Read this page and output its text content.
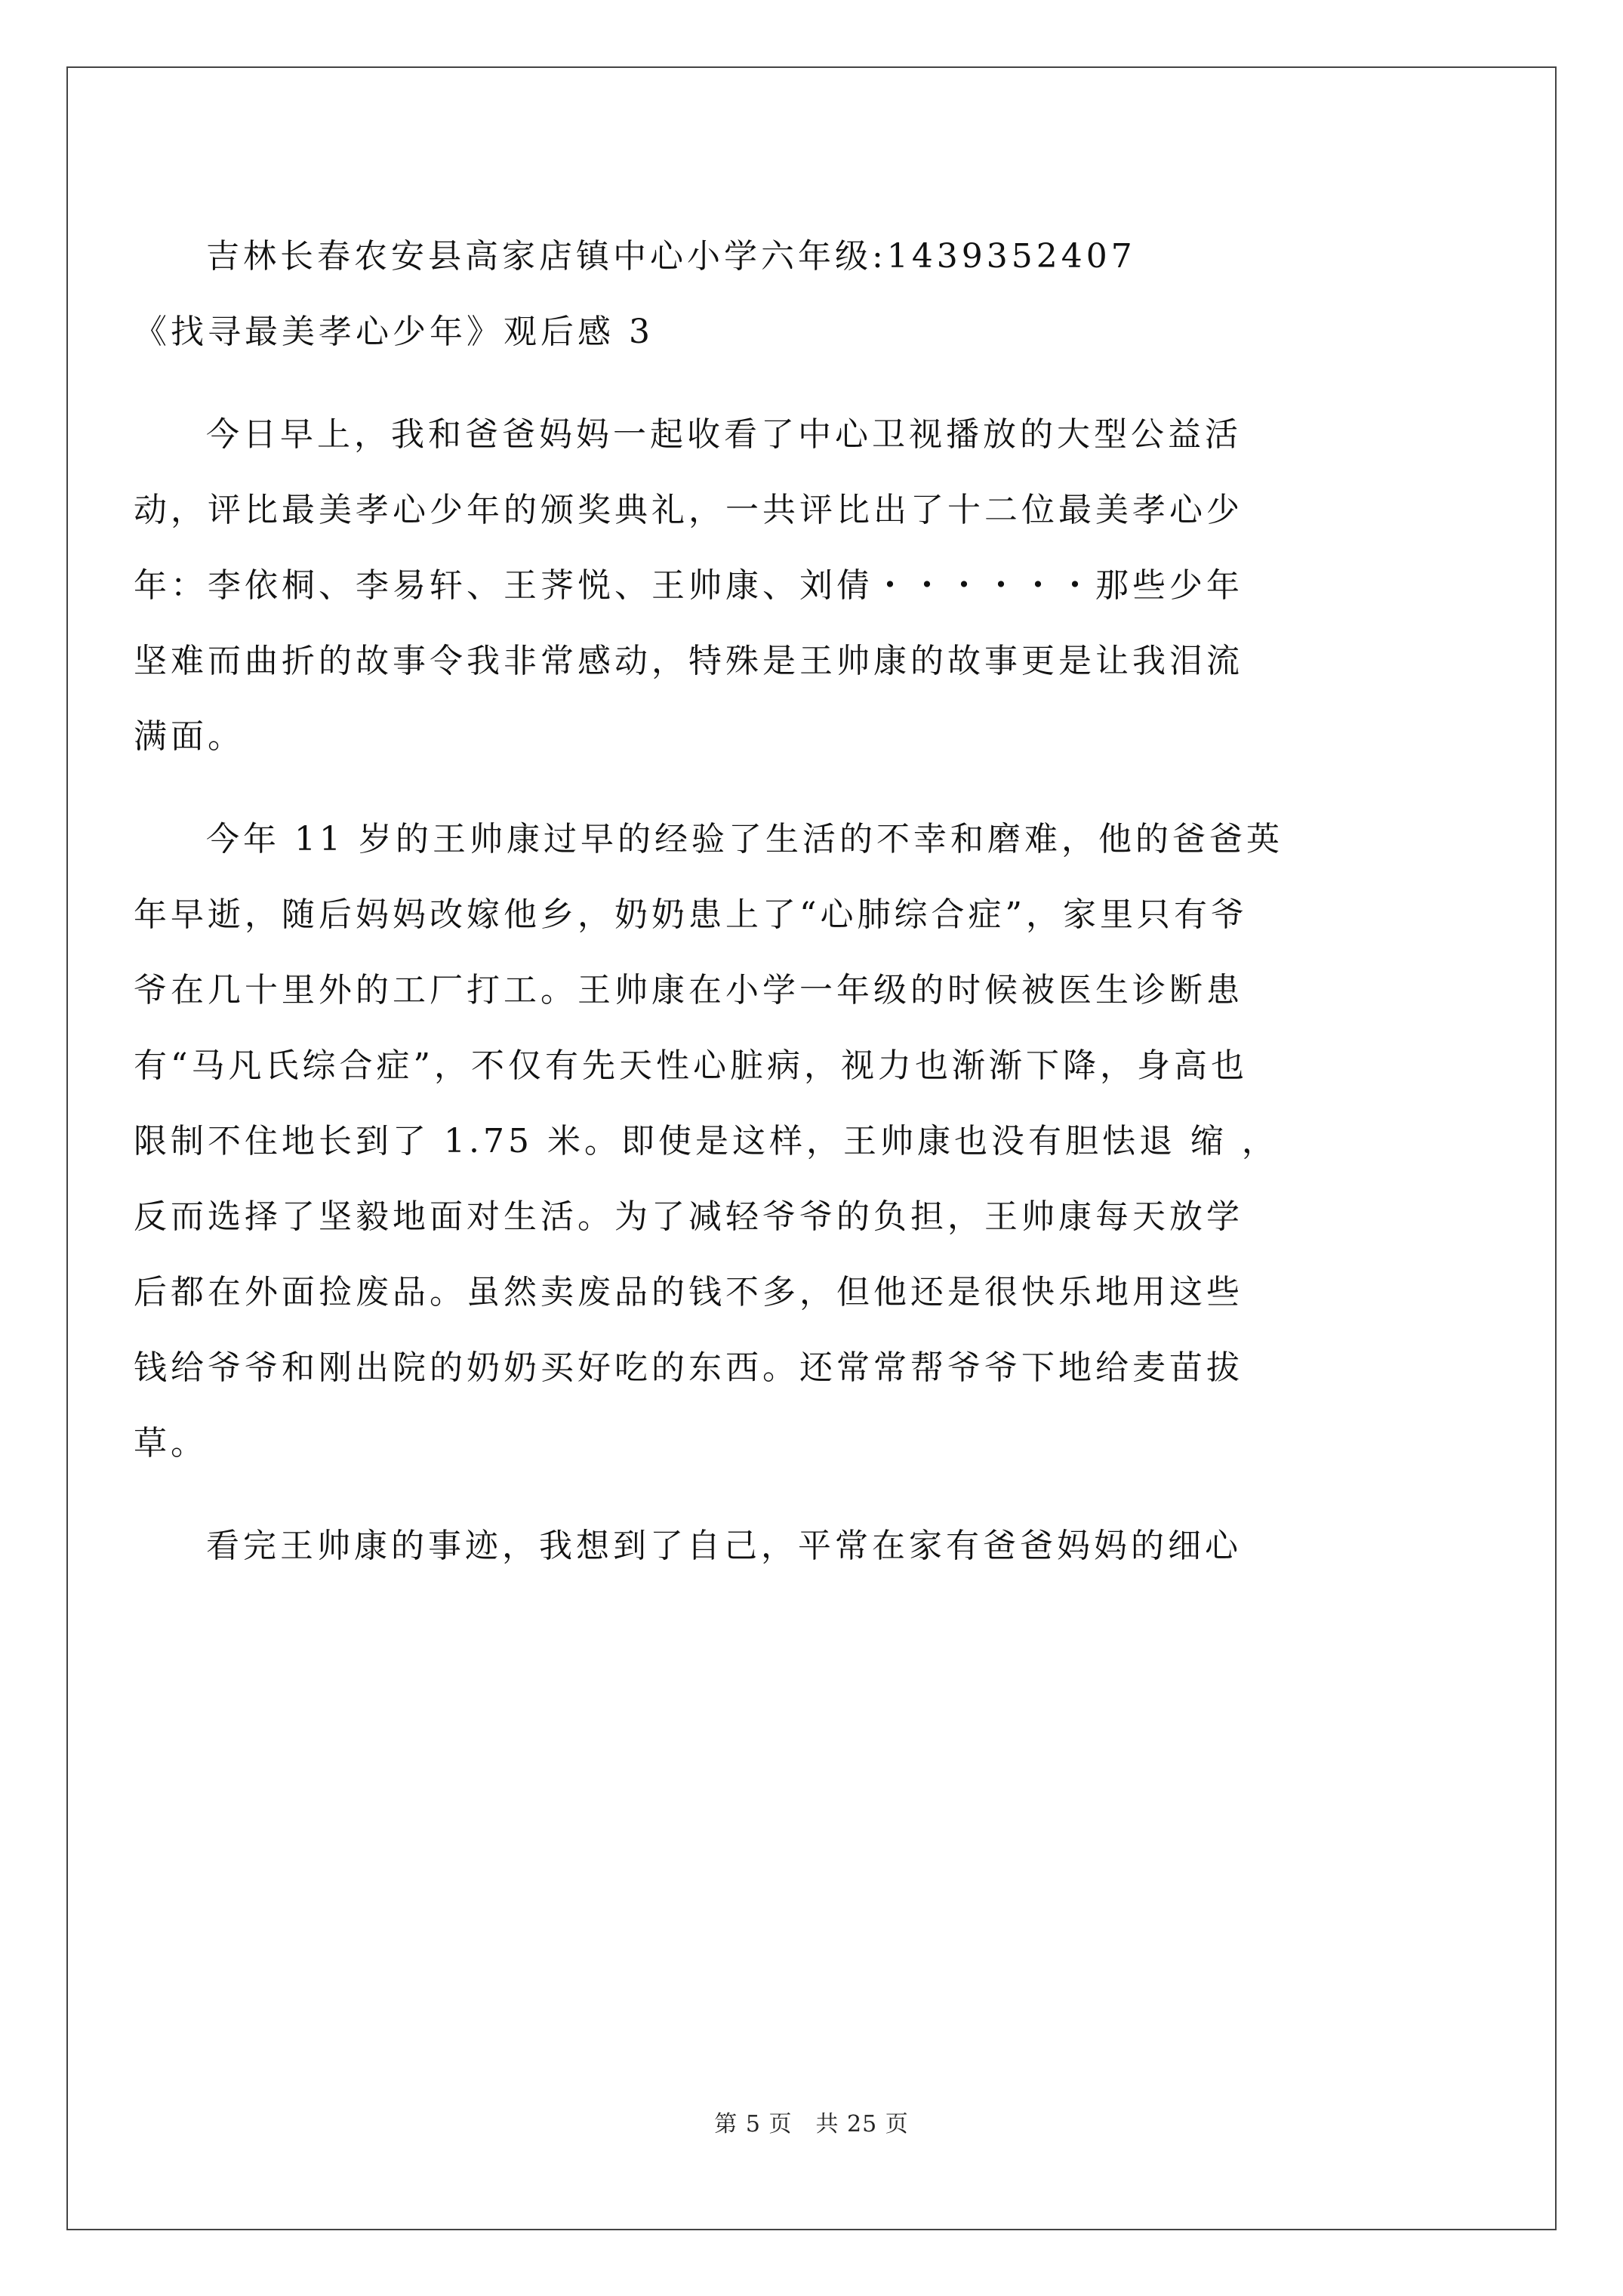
吉林长春农安县高家店镇中心小学六年级:1439352407
《找寻最美孝心少年》观后感 3
今日早上，我和爸爸妈妈一起收看了中心卫视播放的大型公益活
动，评比最美孝心少年的颁奖典礼，一共评比出了十二位最美孝心少
年：李依桐、李易轩、王荠悦、王帅康、刘倩・・・・・・那些少年
坚难而曲折的故事令我非常感动，特殊是王帅康的故事更是让我泪流
满面。
今年 11 岁的王帅康过早的经验了生活的不幸和磨难，他的爸爸英
年早逝，随后妈妈改嫁他乡，奶奶患上了“心肺综合症”，家里只有爷
爷在几十里外的工厂打工。王帅康在小学一年级的时候被医生诊断患
有“马凡氏综合症”，不仅有先天性心脏病，视力也渐渐下降，身高也
限制不住地长到了 1.75 米。即使是这样，王帅康也没有胆怯退 缩 ，
反而选择了坚毅地面对生活。为了减轻爷爷的负担，王帅康每天放学
后都在外面捡废品。虽然卖废品的钱不多，但他还是很快乐地用这些
钱给爷爷和刚出院的奶奶买好吃的东西。还常常帮爷爷下地给麦苗拔
草。
看完王帅康的事迹，我想到了自己，平常在家有爸爸妈妈的细心
第 5 页　共 25 页
